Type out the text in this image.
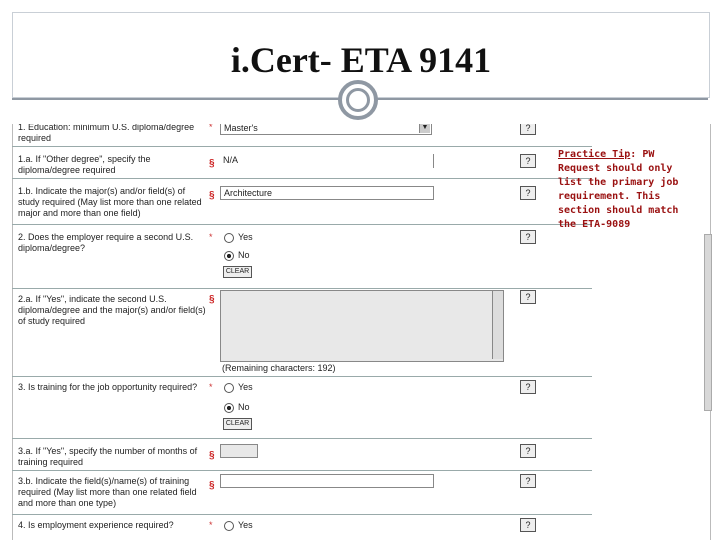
i.Cert- ETA 9141
1. Education: minimum U.S. diploma/degree required
*	Master's	▼	?
1.a. If "Other degree", specify the diploma/degree required
§ N/A	?
1.b. Indicate the major(s) and/or field(s) of study required (May list more than one related major and more than one field)
§	Architecture	?
2. Does the employer require a second U.S. diploma/degree?
*	Yes
No
CLEAR
?
2.a. If "Yes", indicate the second U.S. diploma/degree and the major(s) and/or field(s) of study required
§
(Remaining characters: 192)
?
3. Is training for the job opportunity required?	*	Yes
No
CLEAR
?
3.a. If "Yes", specify the number of months of training required
§	?
3.b. Indicate the field(s)/name(s) of training required (May list more than one related field and more than one type)
§	?
4. Is employment experience required?	*	Yes	?
Practice Tip: PW Request should only list the primary job requirement. This section should match the ETA-9089
